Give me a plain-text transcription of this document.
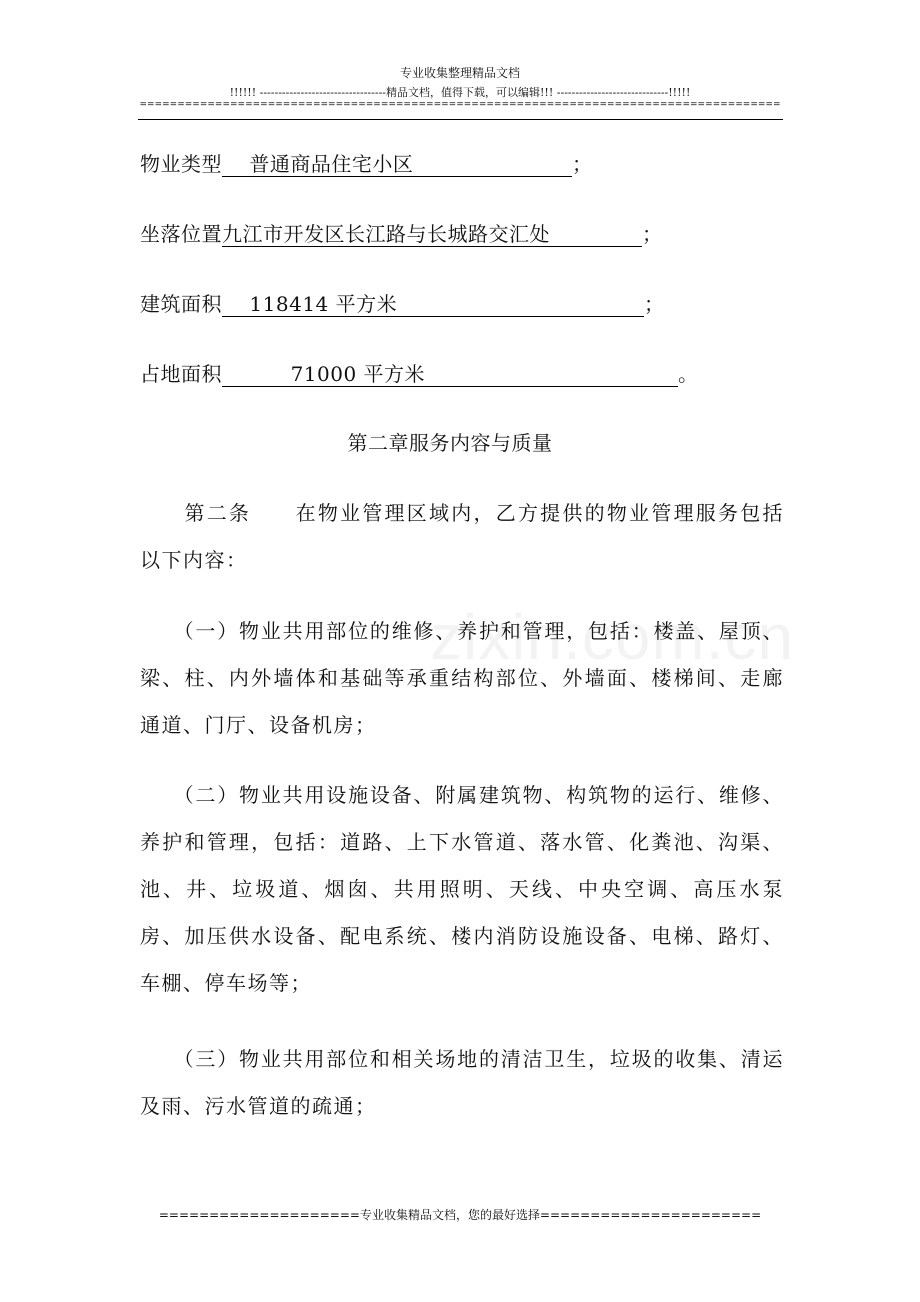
专业收集整理精品文档
!!!!!! ----------------------------------精品文档，值得下载，可以编辑!!! ------------------------------!!!!!
=====================================================================================
物业类型    普通商品住宅小区	；
坐落位置九江市开发区长江路与长城路交汇处	；
建筑面积    118414 平方米	；
占地面积          71000 平方米	。
第二章服务内容与质量

　　第二条　　在物业管理区域内，乙方提供的物业管理服务包括以下内容：

　　（一）物业共用部位的维修、养护和管理，包括：楼盖、屋顶、梁、柱、内外墙体和基础等承重结构部位、外墙面、楼梯间、走廊通道、门厅、设备机房；

　　（二）物业共用设施设备、附属建筑物、构筑物的运行、维修、养护和管理，包括：道路、上下水管道、落水管、化粪池、沟渠、池、井、垃圾道、烟囱、共用照明、天线、中央空调、高压水泵房、加压供水设备、配电系统、楼内消防设施设备、电梯、路灯、车棚、停车场等；

　　（三）物业共用部位和相关场地的清洁卫生，垃圾的收集、清运及雨、污水管道的疏通；

====================专业收集精品文档，您的最好选择======================
